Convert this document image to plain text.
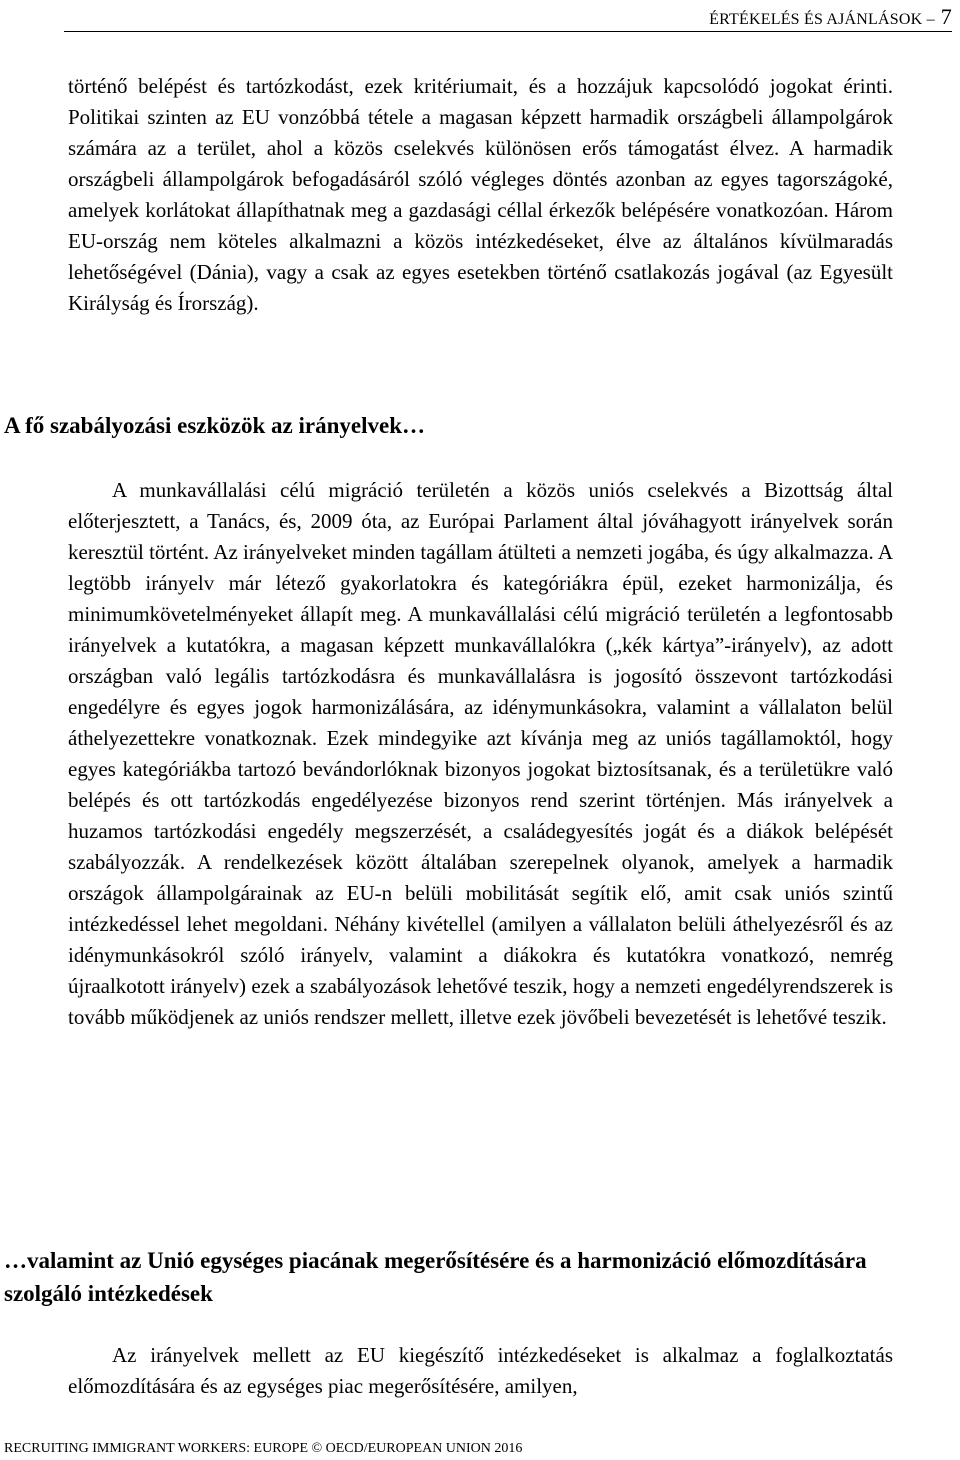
ÉRTÉKELÉS ÉS AJÁNLÁSOK – 7

történő belépést és tartózkodást, ezek kritériumait, és a hozzájuk kapcsolódó jogokat érinti. Politikai szinten az EU vonzóbbá tétele a magasan képzett harmadik országbeli állampolgárok számára az a terület, ahol a közös cselekvés különösen erős támogatást élvez. A harmadik országbeli állampolgárok befogadásáról szóló végleges döntés azonban az egyes tagországoké, amelyek korlátokat állapíthatnak meg a gazdasági céllal érkezők belépésére vonatkozóan. Három EU-ország nem köteles alkalmazni a közös intézkedéseket, élve az általános kívülmaradás lehetőségével (Dánia), vagy a csak az egyes esetekben történő csatlakozás jogával (az Egyesült Királyság és Írország).

A fő szabályozási eszközök az irányelvek…

A munkavállalási célú migráció területén a közös uniós cselekvés a Bizottság által előterjesztett, a Tanács, és, 2009 óta, az Európai Parlament által jóváhagyott irányelvek során keresztül történt. Az irányelveket minden tagállam átülteti a nemzeti jogába, és úgy alkalmazza. A legtöbb irányelv már létező gyakorlatokra és kategóriákra épül, ezeket harmonizálja, és minimumkövetelményeket állapít meg. A munkavállalási célú migráció területén a legfontosabb irányelvek a kutatókra, a magasan képzett munkavállalókra („kék kártya”-irányelv), az adott országban való legális tartózkodásra és munkavállalásra is jogosító összevont tartózkodási engedélyre és egyes jogok harmonizálására, az idénymunkásokra, valamint a vállalaton belül áthelyezettekre vonatkoznak. Ezek mindegyike azt kívánja meg az uniós tagállamoktól, hogy egyes kategóriákba tartozó bevándorlóknak bizonyos jogokat biztosítsanak, és a területükre való belépés és ott tartózkodás engedélyezése bizonyos rend szerint történjen. Más irányelvek a huzamos tartózkodási engedély megszerzését, a családegyesítés jogát és a diákok belépését szabályozzák. A rendelkezések között általában szerepelnek olyanok, amelyek a harmadik országok állampolgárainak az EU-n belüli mobilitását segítik elő, amit csak uniós szintű intézkedéssel lehet megoldani. Néhány kivétellel (amilyen a vállalaton belüli áthelyezésről és az idénymunkásokról szóló irányelv, valamint a diákokra és kutatókra vonatkozó, nemrég újraalkotott irányelv) ezek a szabályozások lehetővé teszik, hogy a nemzeti engedélyrendszerek is tovább működjenek az uniós rendszer mellett, illetve ezek jövőbeli bevezetését is lehetővé teszik.

…valamint az Unió egységes piacának megerősítésére és a harmonizáció előmozdítására szolgáló intézkedések

Az irányelvek mellett az EU kiegészítő intézkedéseket is alkalmaz a foglalkoztatás előmozdítására és az egységes piac megerősítésére, amilyen,

RECRUITING IMMIGRANT WORKERS: EUROPE © OECD/EUROPEAN UNION 2016
